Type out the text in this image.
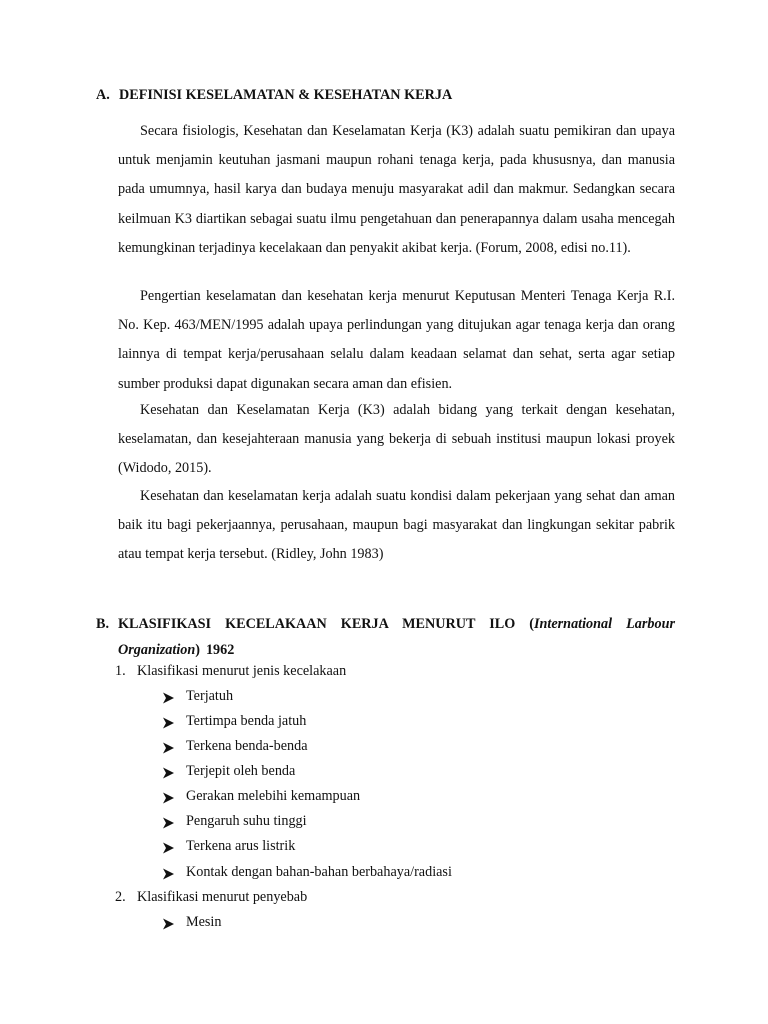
A. DEFINISI KESELAMATAN & KESEHATAN KERJA
Secara fisiologis, Kesehatan dan Keselamatan Kerja (K3) adalah suatu pemikiran dan upaya untuk menjamin keutuhan jasmani maupun rohani tenaga kerja, pada khususnya, dan manusia pada umumnya, hasil karya dan budaya menuju masyarakat adil dan makmur. Sedangkan secara keilmuan K3 diartikan sebagai suatu ilmu pengetahuan dan penerapannya dalam usaha mencegah kemungkinan terjadinya kecelakaan dan penyakit akibat kerja. (Forum, 2008, edisi no.11).
Pengertian keselamatan dan kesehatan kerja menurut Keputusan Menteri Tenaga Kerja R.I. No. Kep. 463/MEN/1995 adalah upaya perlindungan yang ditujukan agar tenaga kerja dan orang lainnya di tempat kerja/perusahaan selalu dalam keadaan selamat dan sehat, serta agar setiap sumber produksi dapat digunakan secara aman dan efisien.
Kesehatan dan Keselamatan Kerja (K3) adalah bidang yang terkait dengan kesehatan, keselamatan, dan kesejahteraan manusia yang bekerja di sebuah institusi maupun lokasi proyek (Widodo, 2015).
Kesehatan dan keselamatan kerja adalah suatu kondisi dalam pekerjaan yang sehat dan aman baik itu bagi pekerjaannya, perusahaan, maupun bagi masyarakat dan lingkungan sekitar pabrik atau tempat kerja tersebut. (Ridley, John 1983)
B. KLASIFIKASI KECELAKAAN KERJA MENURUT ILO (International Larbour Organization) 1962
1. Klasifikasi menurut jenis kecelakaan
Terjatuh
Tertimpa benda jatuh
Terkena benda-benda
Terjepit oleh benda
Gerakan melebihi kemampuan
Pengaruh suhu tinggi
Terkena arus listrik
Kontak dengan bahan-bahan berbahaya/radiasi
2. Klasifikasi menurut penyebab
Mesin
